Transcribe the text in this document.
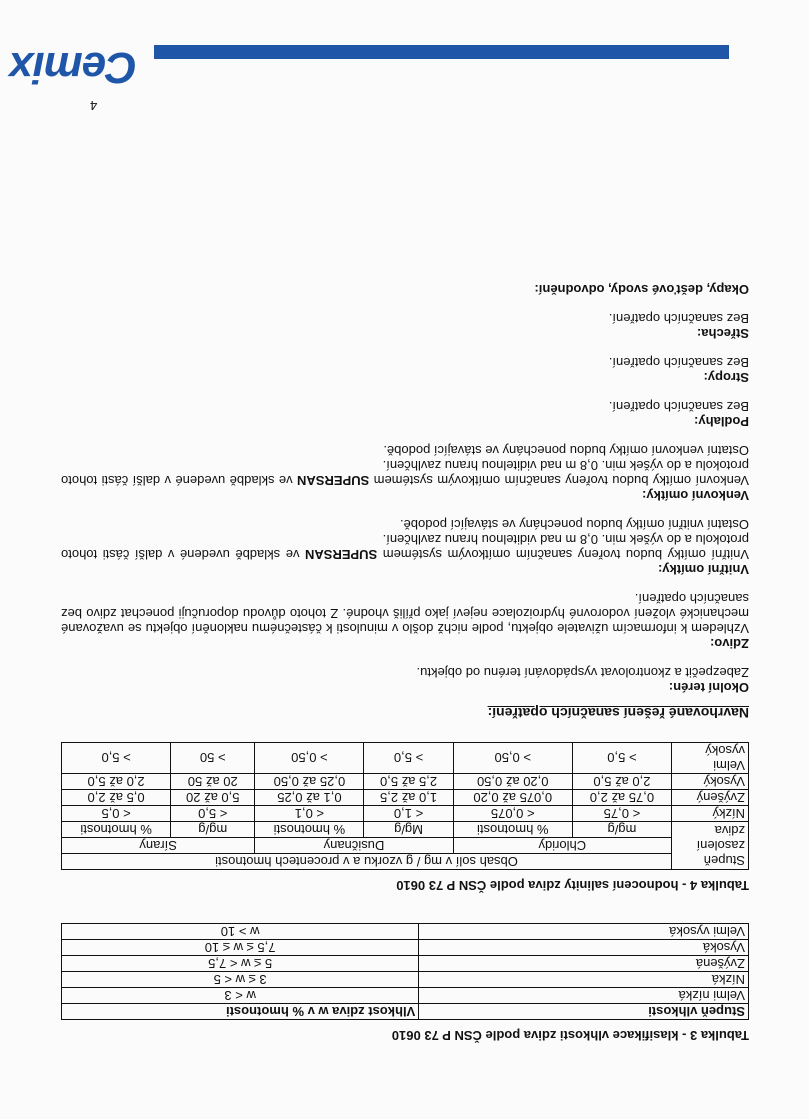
Cemix
Tabulka 3 - klasifikace vlhkosti zdiva podle ČSN P 73 0610
Stupeň vlhkosti	Vlhkost zdiva w v % hmotnosti
Velmi nízká	w < 3
Nízká	3 ≤ w < 5
Zvýšená	5 ≤ w < 7,5
Vysoká	7,5 ≤ w ≤ 10
Velmi vysoká	w > 10
Tabulka 4 - hodnocení salinity zdiva podle ČSN P 73 0610
Stupeň zasolení zdiva	Obsah solí v mg / g vzorku a v procentech hmotnosti					
	Chloridy		Dusičnany		Sírany	
	mg/g	% hmotnosti	Mg/g	% hmotnosti	mg/g	% hmotnosti
Nízký	< 0,75	< 0,075	< 1,0	< 0,1	< 5,0	< 0,5
Zvýšený	0,75 až 2,0	0,075 až 0,20	1,0 až 2,5	0,1 až 0,25	5,0 až 20	0,5 až 2,0
Vysoký	2,0 až 5,0	0,20 až 0,50	2,5 až 5,0	0,25 až 0,50	20 až 50	2,0 až 5,0
Velmi vysoký	> 5,0	> 0,50	> 5,0	> 0,50	> 50	> 5,0
Navrhované řešení sanačních opatření:
Okolní terén:

Zabezpečit a zkontrolovat vyspádování terénu od objektu.

Zdivo:

Vzhledem k informacím uživatele objektu, podle nichž došlo v minulosti k částečnému naklonění objektu se uvažované mechanické vložení vodorovné hydroizolace nejeví jako příliš vhodné. Z tohoto důvodu doporučuji ponechat zdivo bez sanačních opatření.

Vnitřní omítky:

Vnitřní omítky budou tvořeny sanačním omítkovým systémem SUPERSAN ve skladbě uvedené v další části tohoto protokolu a do výšek min. 0,8 m nad viditelnou hranu zavlhčení.

Ostatní vnitřní omítky budou ponechány ve stávající podobě.

Venkovní omítky:

Venkovní omítky budou tvořeny sanačním omítkovým systémem SUPERSAN ve skladbě uvedené v další části tohoto protokolu a do výšek min. 0,8 m nad viditelnou hranu zavlhčení.

Ostatní venkovní omítky budou ponechány ve stávající podobě.

Podlahy:

Bez sanačních opatření.

Stropy:

Bez sanačních opatření.

Střecha:

Bez sanačních opatření.

Okapy, dešťové svody, odvodnění:
4
